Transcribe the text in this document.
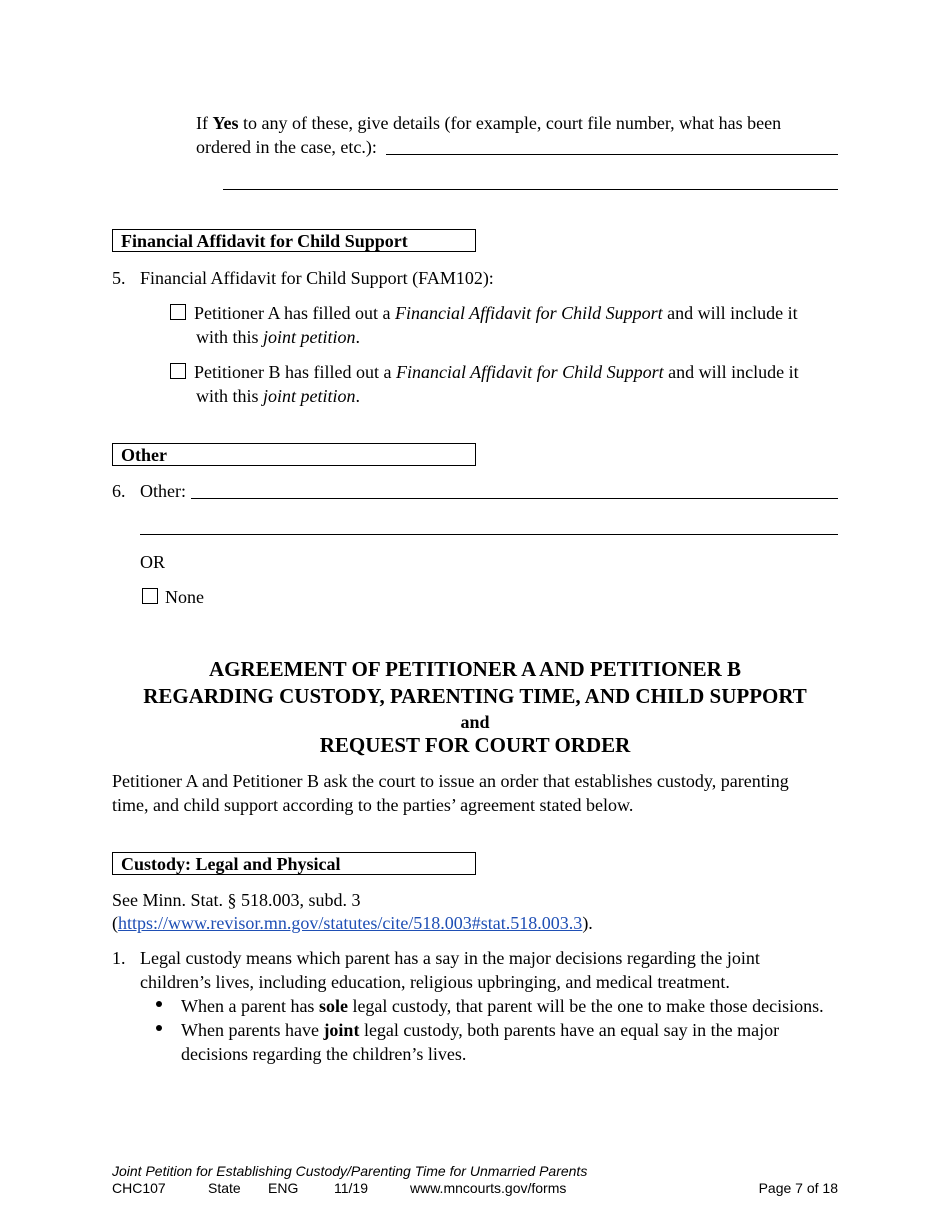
If Yes to any of these, give details (for example, court file number, what has been
ordered in the case, etc.):
Financial Affidavit for Child Support
5. Financial Affidavit for Child Support (FAM102):
Petitioner A has filled out a Financial Affidavit for Child Support and will include it
with this joint petition.
Petitioner B has filled out a Financial Affidavit for Child Support and will include it
with this joint petition.
Other
6. Other:
OR
None
AGREEMENT OF PETITIONER A AND PETITIONER B
REGARDING CUSTODY, PARENTING TIME, AND CHILD SUPPORT
and
REQUEST FOR COURT ORDER
Petitioner A and Petitioner B ask the court to issue an order that establishes custody, parenting
time, and child support according to the parties’ agreement stated below.
Custody: Legal and Physical
See Minn. Stat. § 518.003, subd. 3
(https://www.revisor.mn.gov/statutes/cite/518.003#stat.518.003.3).
1. Legal custody means which parent has a say in the major decisions regarding the joint
children’s lives, including education, religious upbringing, and medical treatment.
When a parent has sole legal custody, that parent will be the one to make those decisions.
When parents have joint legal custody, both parents have an equal say in the major
decisions regarding the children’s lives.
Joint Petition for Establishing Custody/Parenting Time for Unmarried Parents
CHC107	State ENG	11/19	www.mncourts.gov/forms	Page 7 of 18
